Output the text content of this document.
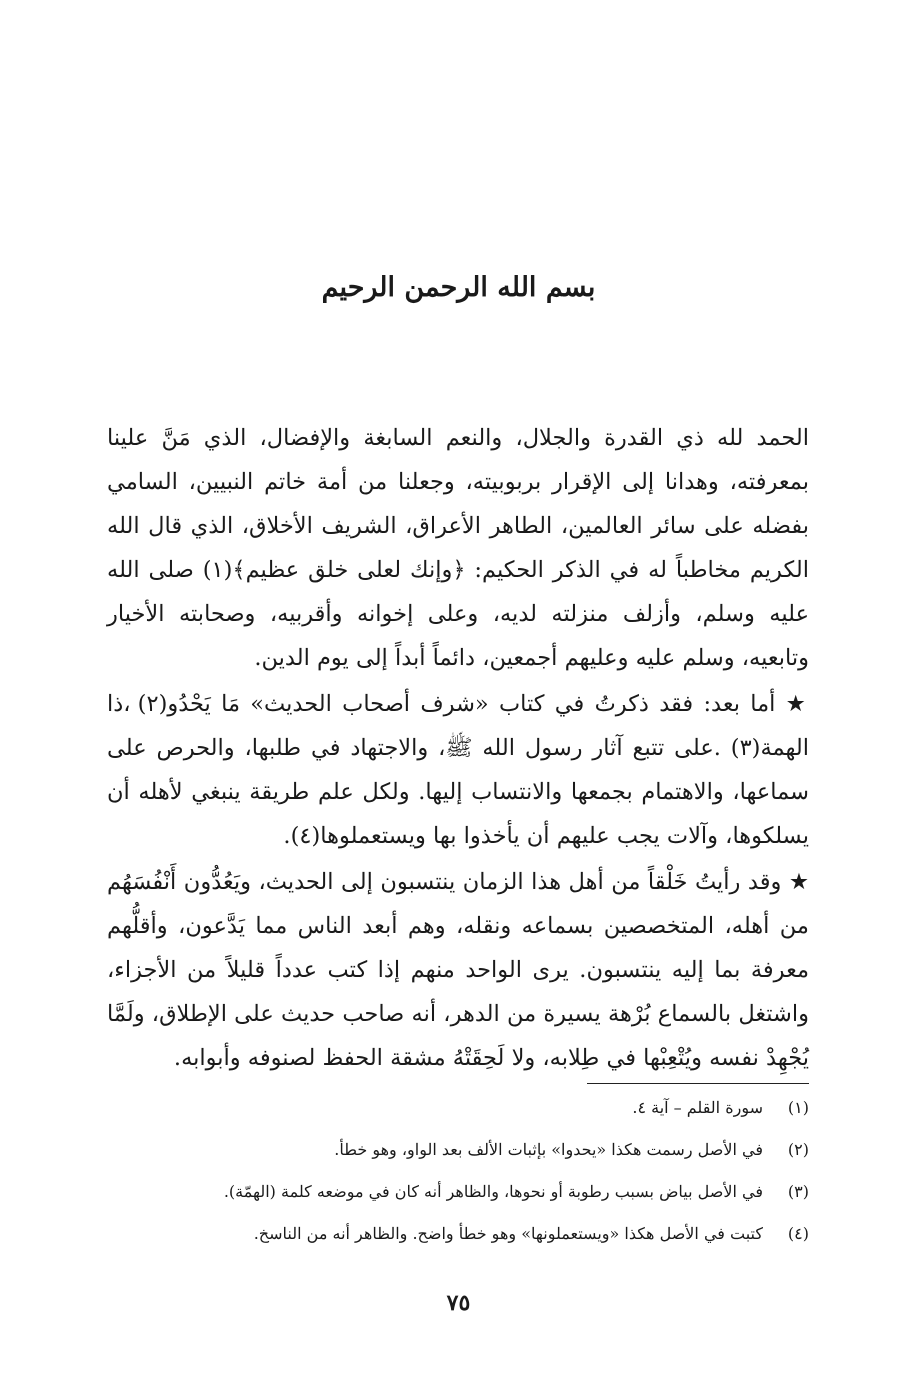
بسم الله الرحمن الرحيم

الحمد لله ذي القدرة والجلال، والنعم السابغة والإفضال، الذي مَنَّ علينا بمعرفته، وهدانا إلى الإقرار بربوبيته، وجعلنا من أمة خاتم النبيين، السامي بفضله على سائر العالمين، الطاهر الأعراق، الشريف الأخلاق، الذي قال الله الكريم مخاطباً له في الذكر الحكيم: ﴿وإنك لعلى خلق عظيم﴾(١) صلى الله عليه وسلم، وأزلف منزلته لديه، وعلى إخوانه وأقربيه، وصحابته الأخيار وتابعيه، وسلم عليه وعليهم أجمعين، دائماً أبداً إلى يوم الدين.

★ أما بعد: فقد ذكرتُ في كتاب «شرف أصحاب الحديث» مَا يَحْدُو(٢) ،ذا الهمة(٣) .على تتبع آثار رسول الله ﷺ، والاجتهاد في طلبها، والحرص على سماعها، والاهتمام بجمعها والانتساب إليها. ولكل علم طريقة ينبغي لأهله أن يسلكوها، وآلات يجب عليهم أن يأخذوا بها ويستعملوها(٤).

★ وقد رأيتُ خَلْقاً من أهل هذا الزمان ينتسبون إلى الحديث، ويَعُدُّون أَنْفُسَهُم من أهله، المتخصصين بسماعه ونقله، وهم أبعد الناس مما يَدَّعون، وأقلُّهم معرفة بما إليه ينتسبون. يرى الواحد منهم إذا كتب عدداً قليلاً من الأجزاء، واشتغل بالسماع بُرْهة يسيرة من الدهر، أنه صاحب حديث على الإطلاق، ولَمَّا يُجْهِدْ نفسه ويُتْعِبْها في طِلابه، ولا لَحِقَتْهُ مشقة الحفظ لصنوفه وأبوابه.

(١)
سورة القلم – آية ٤.
(٢)
في الأصل رسمت هكذا «يحدوا» بإثبات الألف بعد الواو، وهو خطأ.
(٣)
في الأصل بياض بسبب رطوبة أو نحوها، والظاهر أنه كان في موضعه كلمة (الهمّة).
(٤)
كتبت في الأصل هكذا «ويستعملونها» وهو خطأ واضح. والظاهر أنه من الناسخ.
٧٥
